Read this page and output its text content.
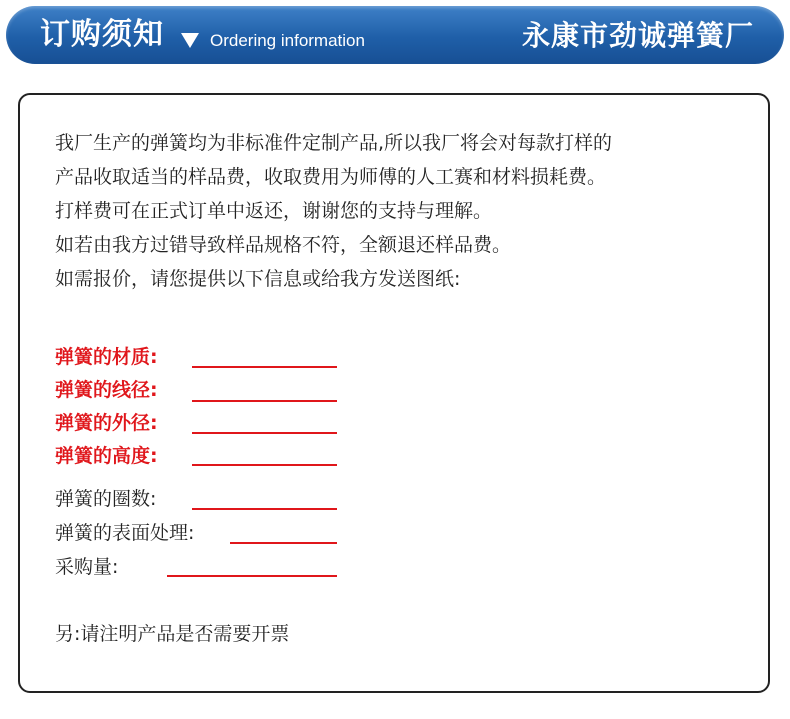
订购须知	Ordering information	永康市劲诚弹簧厂
我厂生产的弹簧均为非标准件定制产品,所以我厂将会对每款打样的
产品收取适当的样品费，收取费用为师傅的人工赛和材料损耗费。
打样费可在正式订单中返还，谢谢您的支持与理解。
如若由我方过错导致样品规格不符，全额退还样品费。
如需报价，请您提供以下信息或给我方发送图纸:
弹簧的材质:
弹簧的线径:
弹簧的外径:
弹簧的高度:
弹簧的圈数:
弹簧的表面处理:
采购量:
另:请注明产品是否需要开票
